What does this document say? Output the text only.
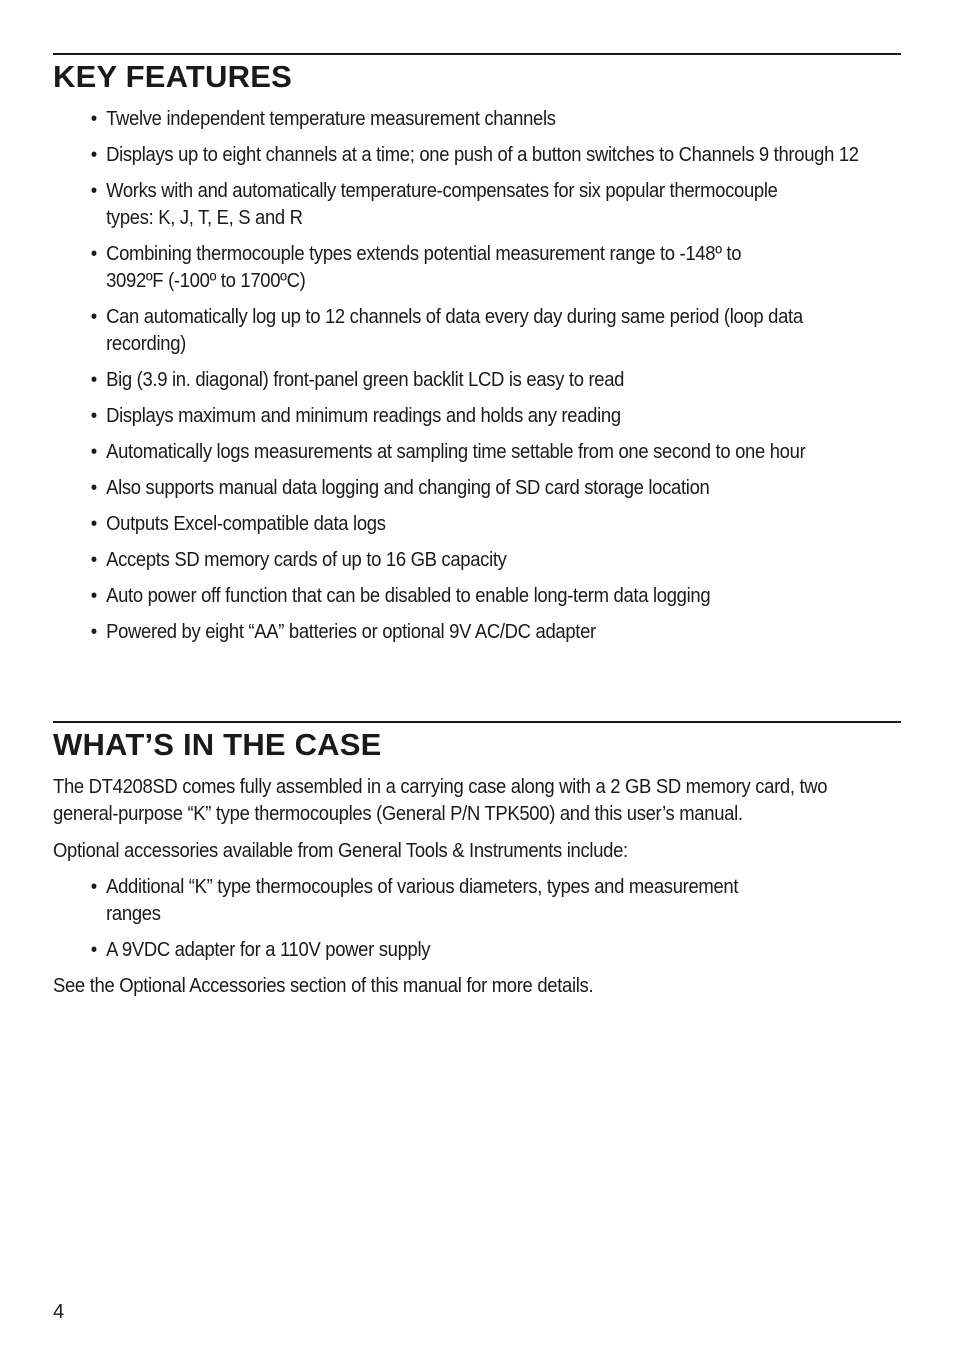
KEY FEATURES
• Twelve independent temperature measurement channels
• Displays up to eight channels at a time; one push of a button switches to Channels 9 through 12
• Works with and automatically temperature-compensates for six popular thermocouple types: K, J, T, E, S and R
• Combining thermocouple types extends potential measurement range to -148º to 3092ºF (-100º to 1700ºC)
• Can automatically log up to 12 channels of data every day during same period (loop data recording)
• Big (3.9 in. diagonal) front-panel green backlit LCD is easy to read
• Displays maximum and minimum readings and holds any reading
• Automatically logs measurements at sampling time settable from one second to one hour
• Also supports manual data logging and changing of SD card storage location
• Outputs Excel-compatible data logs
• Accepts SD memory cards of up to 16 GB capacity
• Auto power off function that can be disabled to enable long-term data logging
• Powered by eight “AA” batteries or optional 9V AC/DC adapter
WHAT’S IN THE CASE

The DT4208SD comes fully assembled in a carrying case along with a 2 GB SD memory card, two general-purpose “K” type thermocouples (General P/N TPK500) and this user’s manual.

Optional accessories available from General Tools & Instruments include:

• Additional “K” type thermocouples of various diameters, types and measurement ranges
• A 9VDC adapter for a 110V power supply

See the Optional Accessories section of this manual for more details.

4
